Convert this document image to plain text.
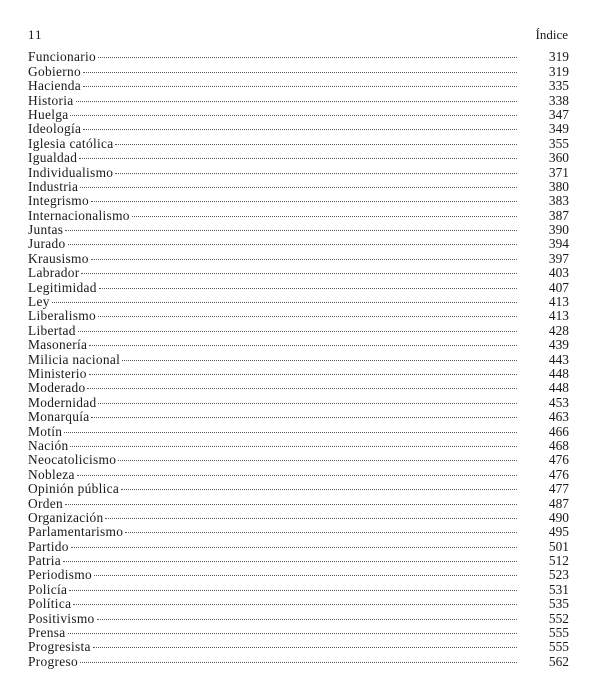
11	Índice
Funcionario	319
Gobierno	319
Hacienda	335
Historia	338
Huelga	347
Ideología	349
Iglesia católica	355
Igualdad	360
Individualismo	371
Industria	380
Integrismo	383
Internacionalismo	387
Juntas	390
Jurado	394
Krausismo	397
Labrador	403
Legitimidad	407
Ley	413
Liberalismo	413
Libertad	428
Masonería	439
Milicia nacional	443
Ministerio	448
Moderado	448
Modernidad	453
Monarquía	463
Motín	466
Nación	468
Neocatolicismo	476
Nobleza	476
Opinión pública	477
Orden	487
Organización	490
Parlamentarismo	495
Partido	501
Patria	512
Periodismo	523
Policía	531
Política	535
Positivismo	552
Prensa	555
Progresista	555
Progreso	562
